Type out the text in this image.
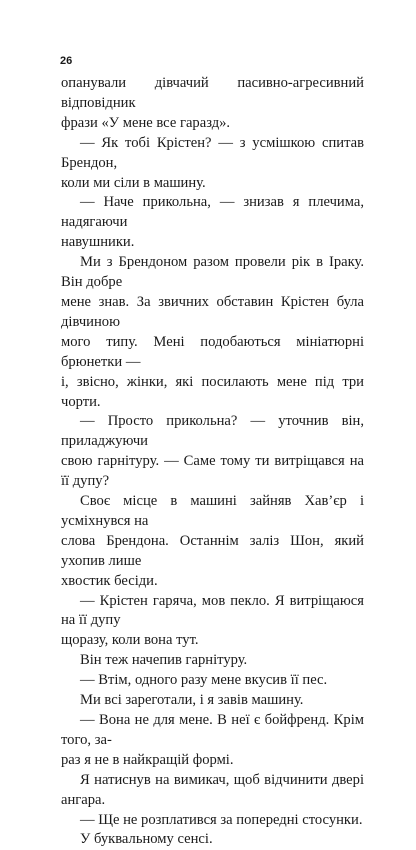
26

опанували дівчачий пасивно-агресивний відповідник
фрази «У мене все гаразд».

— Як тобі Крістен? — з усмішкою спитав Брендон,
коли ми сіли в машину.

— Наче прикольна, — знизав я плечима, надягаючи
навушники.

Ми з Брендоном разом провели рік в Іраку. Він добре
мене знав. За звичних обставин Крістен була дівчиною
мого типу. Мені подобаються мініатюрні брюнетки —
і, звісно, жінки, які посилають мене під три чорти.

— Просто прикольна? — уточнив він, приладжуючи
свою гарнітуру. — Саме тому ти витріщався на її дупу?

Своє місце в машині зайняв Хав’єр і усміхнувся на
слова Брендона. Останнім заліз Шон, який ухопив лише
хвостик бесіди.

— Крістен гаряча, мов пекло. Я витріщаюся на її дупу
щоразу, коли вона тут.

Він теж начепив гарнітуру.

— Втім, одного разу мене вкусив її пес.

Ми всі зареготали, і я завів машину.

— Вона не для мене. В неї є бойфренд. Крім того, за-
раз я не в найкращій формі.

Я натиснув на вимикач, щоб відчинити двері ангара.

— Ще не розплатився за попередні стосунки.

У буквальному сенсі.
